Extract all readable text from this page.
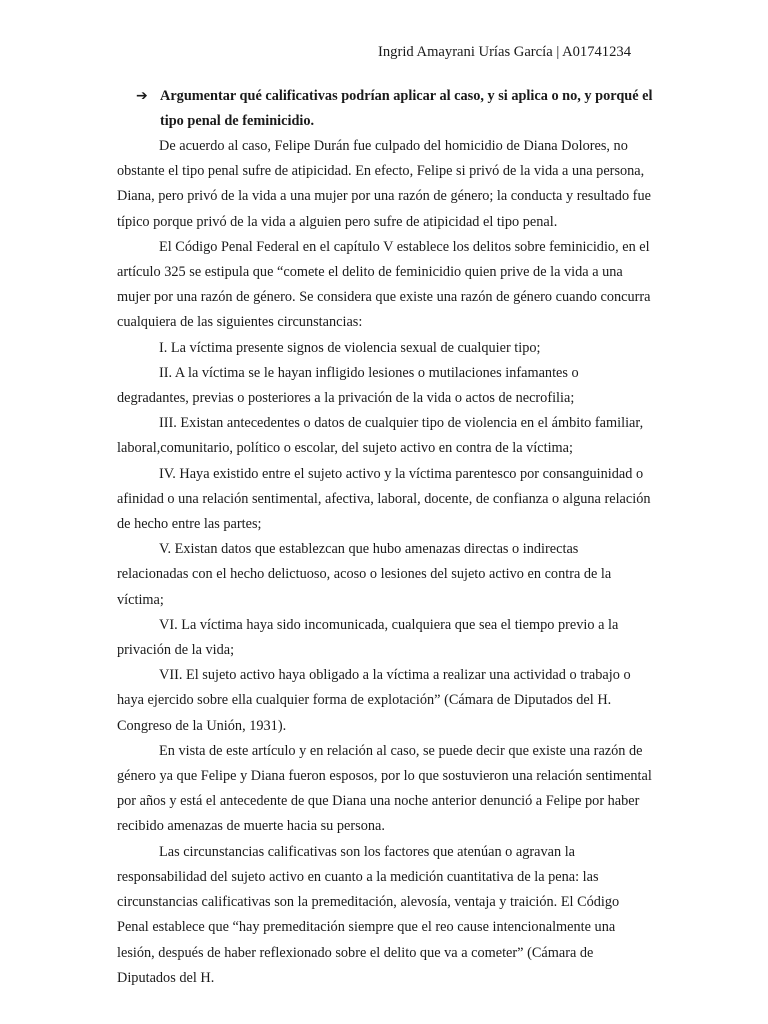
Ingrid Amayrani Urías García | A01741234
➔ Argumentar qué calificativas podrían aplicar al caso, y si aplica o no, y porqué el tipo penal de feminicidio.

De acuerdo al caso, Felipe Durán fue culpado del homicidio de Diana Dolores, no obstante el tipo penal sufre de atipicidad. En efecto, Felipe si privó de la vida a una persona, Diana, pero privó de la vida a una mujer por una razón de género; la conducta y resultado fue típico porque privó de la vida a alguien pero sufre de atipicidad el tipo penal.

El Código Penal Federal en el capítulo V establece los delitos sobre feminicidio, en el artículo 325 se estipula que “comete el delito de feminicidio quien prive de la vida a una mujer por una razón de género. Se considera que existe una razón de género cuando concurra cualquiera de las siguientes circunstancias:

I. La víctima presente signos de violencia sexual de cualquier tipo;

II. A la víctima se le hayan infligido lesiones o mutilaciones infamantes o degradantes, previas o posteriores a la privación de la vida o actos de necrofilia;

III. Existan antecedentes o datos de cualquier tipo de violencia en el ámbito familiar, laboral,comunitario, político o escolar, del sujeto activo en contra de la víctima;

IV. Haya existido entre el sujeto activo y la víctima parentesco por consanguinidad o afinidad o una relación sentimental, afectiva, laboral, docente, de confianza o alguna relación de hecho entre las partes;

V. Existan datos que establezcan que hubo amenazas directas o indirectas relacionadas con el hecho delictuoso, acoso o lesiones del sujeto activo en contra de la víctima;

VI. La víctima haya sido incomunicada, cualquiera que sea el tiempo previo a la privación de la vida;

VII. El sujeto activo haya obligado a la víctima a realizar una actividad o trabajo o haya ejercido sobre ella cualquier forma de explotación” (Cámara de Diputados del H. Congreso de la Unión, 1931).

En vista de este artículo y en relación al caso, se puede decir que existe una razón de género ya que Felipe y Diana fueron esposos, por lo que sostuvieron una relación sentimental por años y está el antecedente de que Diana una noche anterior denunció a Felipe por haber recibido amenazas de muerte hacia su persona.

Las circunstancias calificativas son los factores que atenúan o agravan la responsabilidad del sujeto activo en cuanto a la medición cuantitativa de la pena: las circunstancias calificativas son la premeditación, alevosía, ventaja y traición. El Código Penal establece que “hay premeditación siempre que el reo cause intencionalmente una lesión, después de haber reflexionado sobre el delito que va a cometer” (Cámara de Diputados del H.
